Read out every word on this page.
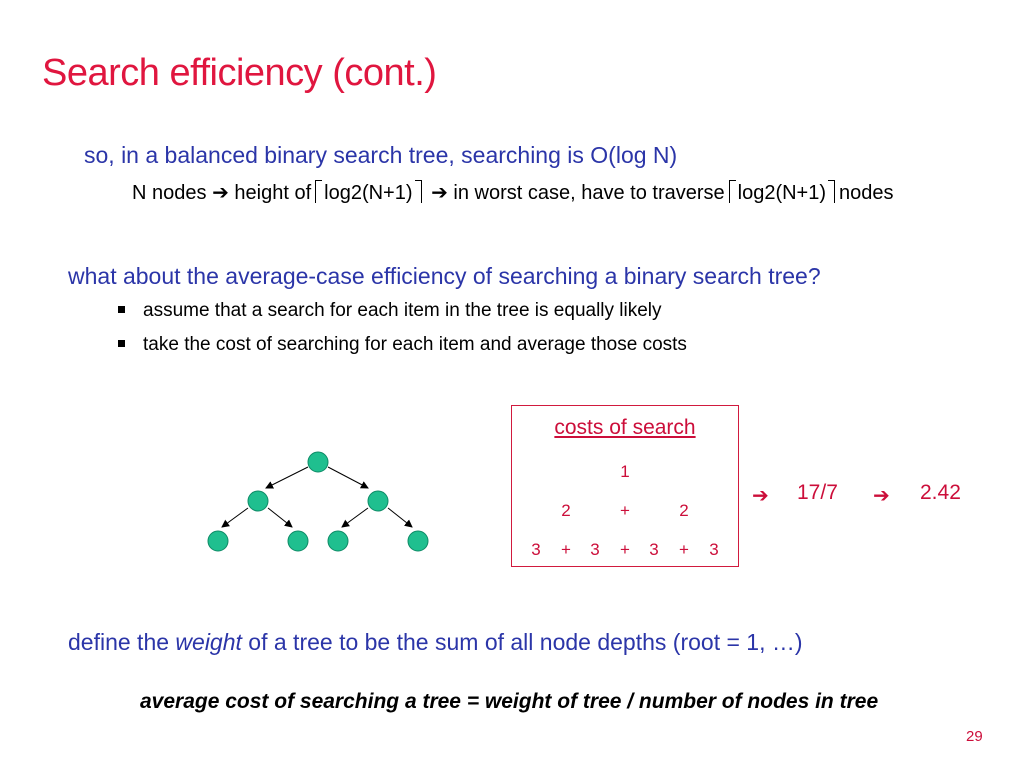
Search efficiency (cont.)
so, in a balanced binary search tree, searching is O(log N)
N nodes ➔ height of log2(N+1) ➔ in worst case, have to traverse log2(N+1) nodes
what about the average-case efficiency of searching a binary search tree?
assume that a search for each item in the tree is equally likely
take the cost of searching for each item and average those costs
costs of search
1
2	+	2
3	+	3	+	3	+	3
➔ 17/7 ➔ 2.42
define the weight of a tree to be the sum of all node depths (root = 1, …)
average cost of searching a tree = weight of tree / number of nodes in tree
29
